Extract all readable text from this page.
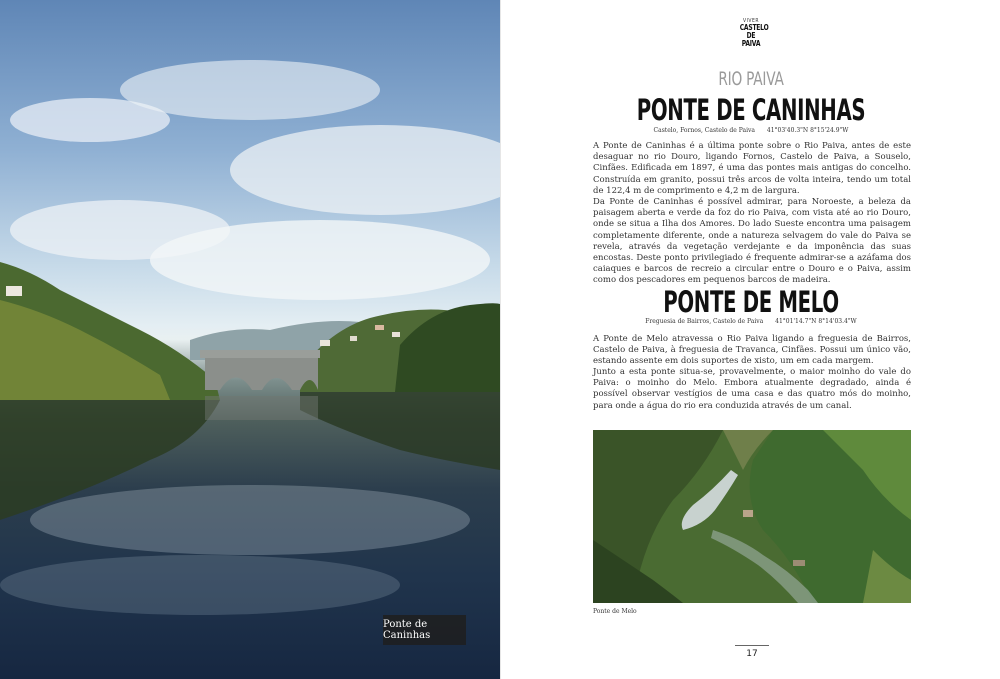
Ponte de Caninhas
VIVER
CASTELO
DE PAIVA
RIO PAIVA
PONTE DE CANINHAS
Castelo, Fornos, Castelo de Paiva 41°03'40.3"N 8°15'24.9"W

A Ponte de Caninhas é a última ponte sobre o Rio Paiva, antes de este desaguar no rio Douro, ligando Fornos, Castelo de Paiva, a Souselo, Cinfães. Edificada em 1897, é uma das pontes mais antigas do concelho. Construída em granito, possui três arcos de volta inteira, tendo um total de 122,4 m de comprimento e 4,2 m de largura.

Da Ponte de Caninhas é possível admirar, para Noroeste, a beleza da paisagem aberta e verde da foz do rio Paiva, com vista até ao rio Douro, onde se situa a Ilha dos Amores. Do lado Sueste encontra uma paisagem completamente diferente, onde a natureza selvagem do vale do Paiva se revela, através da vegetação verdejante e da imponência das suas encostas. Deste ponto privilegiado é frequente admirar-se a azáfama dos caiaques e barcos de recreio a circular entre o Douro e o Paiva, assim como dos pescadores em pequenos barcos de madeira.

PONTE DE MELO
Freguesia de Bairros, Castelo de Paiva 41°01'14.7"N 8°14'03.4"W

A Ponte de Melo atravessa o Rio Paiva ligando a freguesia de Bairros, Castelo de Paiva, à freguesia de Travanca, Cinfães. Possui um único vão, estando assente em dois suportes de xisto, um em cada margem.

Junto a esta ponte situa-se, provavelmente, o maior moinho do vale do Paiva: o moinho do Melo. Embora atualmente degradado, ainda é possível observar vestígios de uma casa e das quatro mós do moinho, para onde a água do rio era conduzida através de um canal.

Ponte de Melo
17
